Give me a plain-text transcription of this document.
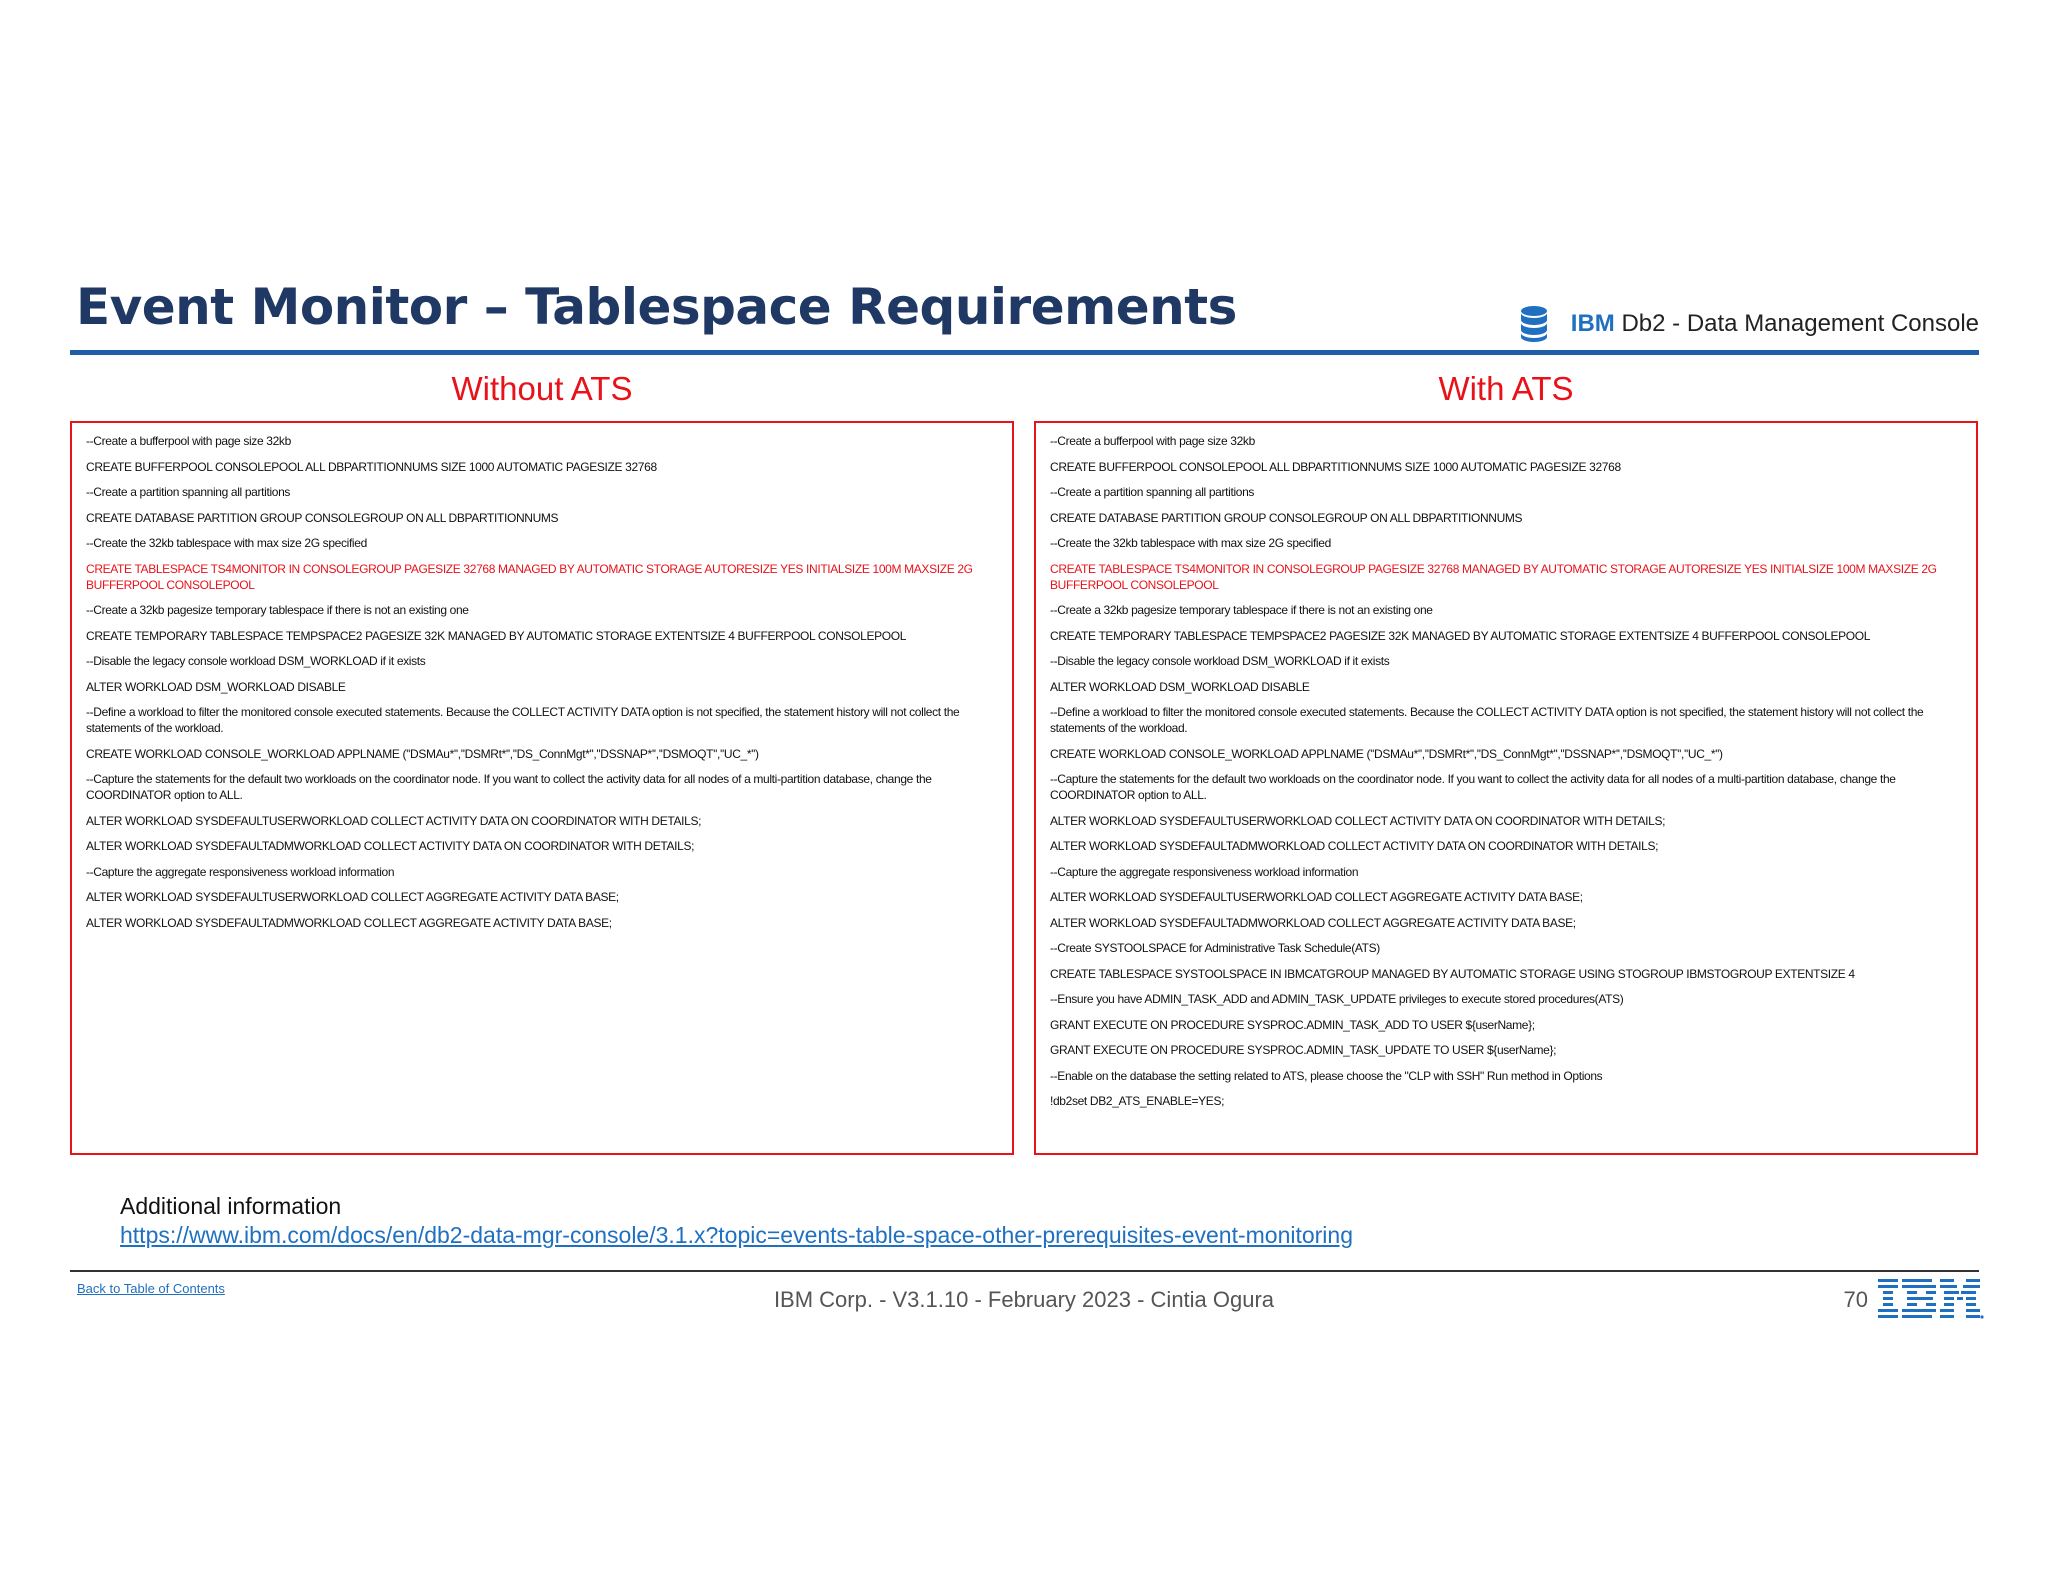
Event Monitor – Tablespace Requirements	IBM Db2 - Data Management Console
Without ATS	With ATS
--Create a bufferpool with page size 32kb
CREATE BUFFERPOOL CONSOLEPOOL ALL DBPARTITIONNUMS SIZE 1000 AUTOMATIC PAGESIZE 32768
--Create a partition spanning all partitions
CREATE DATABASE PARTITION GROUP CONSOLEGROUP ON ALL DBPARTITIONNUMS
--Create the 32kb tablespace with max size 2G specified
CREATE TABLESPACE TS4MONITOR IN CONSOLEGROUP PAGESIZE 32768 MANAGED BY AUTOMATIC STORAGE AUTORESIZE YES INITIALSIZE 100M MAXSIZE 2G BUFFERPOOL CONSOLEPOOL
--Create a 32kb pagesize temporary tablespace if there is not an existing one
CREATE TEMPORARY TABLESPACE TEMPSPACE2 PAGESIZE 32K MANAGED BY AUTOMATIC STORAGE EXTENTSIZE 4 BUFFERPOOL CONSOLEPOOL
--Disable the legacy console workload DSM_WORKLOAD if it exists
ALTER WORKLOAD DSM_WORKLOAD DISABLE
--Define a workload to filter the monitored console executed statements. Because the COLLECT ACTIVITY DATA option is not specified, the statement history will not collect the statements of the workload.
CREATE WORKLOAD CONSOLE_WORKLOAD APPLNAME (''DSMAu*'',''DSMRt*'',''DS_ConnMgt*'',''DSSNAP*'',''DSMOQT'',''UC_*'')
--Capture the statements for the default two workloads on the coordinator node. If you want to collect the activity data for all nodes of a multi-partition database, change the COORDINATOR option to ALL.
ALTER WORKLOAD SYSDEFAULTUSERWORKLOAD COLLECT ACTIVITY DATA ON COORDINATOR WITH DETAILS;
ALTER WORKLOAD SYSDEFAULTADMWORKLOAD COLLECT ACTIVITY DATA ON COORDINATOR WITH DETAILS;
--Capture the aggregate responsiveness workload information
ALTER WORKLOAD SYSDEFAULTUSERWORKLOAD COLLECT AGGREGATE ACTIVITY DATA BASE;
ALTER WORKLOAD SYSDEFAULTADMWORKLOAD COLLECT AGGREGATE ACTIVITY DATA BASE;
--Create a bufferpool with page size 32kb
CREATE BUFFERPOOL CONSOLEPOOL ALL DBPARTITIONNUMS SIZE 1000 AUTOMATIC PAGESIZE 32768
--Create a partition spanning all partitions
CREATE DATABASE PARTITION GROUP CONSOLEGROUP ON ALL DBPARTITIONNUMS
--Create the 32kb tablespace with max size 2G specified
CREATE TABLESPACE TS4MONITOR IN CONSOLEGROUP PAGESIZE 32768 MANAGED BY AUTOMATIC STORAGE AUTORESIZE YES INITIALSIZE 100M MAXSIZE 2G BUFFERPOOL CONSOLEPOOL
--Create a 32kb pagesize temporary tablespace if there is not an existing one
CREATE TEMPORARY TABLESPACE TEMPSPACE2 PAGESIZE 32K MANAGED BY AUTOMATIC STORAGE EXTENTSIZE 4 BUFFERPOOL CONSOLEPOOL
--Disable the legacy console workload DSM_WORKLOAD if it exists
ALTER WORKLOAD DSM_WORKLOAD DISABLE
--Define a workload to filter the monitored console executed statements. Because the COLLECT ACTIVITY DATA option is not specified, the statement history will not collect the statements of the workload.
CREATE WORKLOAD CONSOLE_WORKLOAD APPLNAME (''DSMAu*'',''DSMRt*'',''DS_ConnMgt*'',''DSSNAP*'',''DSMOQT'',''UC_*'')
--Capture the statements for the default two workloads on the coordinator node. If you want to collect the activity data for all nodes of a multi-partition database, change the COORDINATOR option to ALL.
ALTER WORKLOAD SYSDEFAULTUSERWORKLOAD COLLECT ACTIVITY DATA ON COORDINATOR WITH DETAILS;
ALTER WORKLOAD SYSDEFAULTADMWORKLOAD COLLECT ACTIVITY DATA ON COORDINATOR WITH DETAILS;
--Capture the aggregate responsiveness workload information
ALTER WORKLOAD SYSDEFAULTUSERWORKLOAD COLLECT AGGREGATE ACTIVITY DATA BASE;
ALTER WORKLOAD SYSDEFAULTADMWORKLOAD COLLECT AGGREGATE ACTIVITY DATA BASE;
--Create SYSTOOLSPACE for Administrative Task Schedule(ATS)
CREATE TABLESPACE SYSTOOLSPACE IN IBMCATGROUP MANAGED BY AUTOMATIC STORAGE USING STOGROUP IBMSTOGROUP EXTENTSIZE 4
--Ensure you have ADMIN_TASK_ADD and ADMIN_TASK_UPDATE privileges to execute stored procedures(ATS)
GRANT EXECUTE ON PROCEDURE SYSPROC.ADMIN_TASK_ADD TO USER ${userName};
GRANT EXECUTE ON PROCEDURE SYSPROC.ADMIN_TASK_UPDATE TO USER ${userName};
--Enable on the database the setting related to ATS, please choose the "CLP with SSH" Run method in Options
!db2set DB2_ATS_ENABLE=YES;
Additional information
https://www.ibm.com/docs/en/db2-data-mgr-console/3.1.x?topic=events-table-space-other-prerequisites-event-monitoring
Back to Table of Contents	IBM Corp. - V3.1.10 - February 2023 - Cintia Ogura	70
